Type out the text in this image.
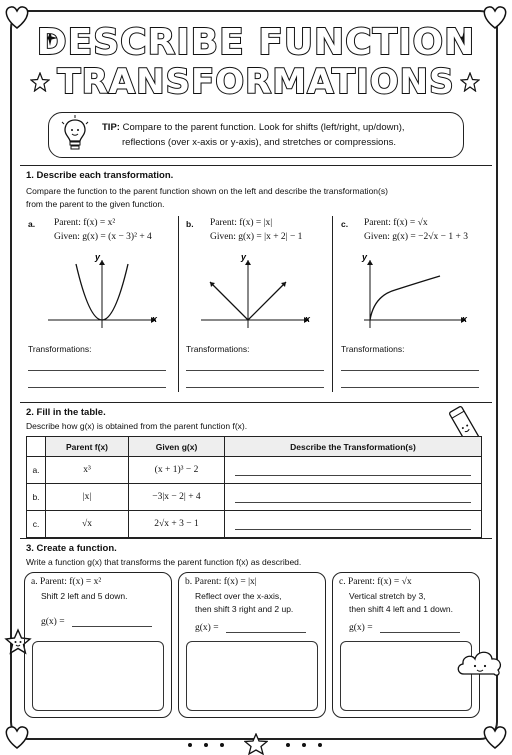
DESCRIBE FUNCTION
TRANSFORMATIONS
TIP: Compare to the parent function. Look for shifts (left/right, up/down),
reflections (over x-axis or y-axis), and stretches or compressions.
1. Describe each transformation.
Compare the function to the parent function shown on the left and describe the transformation(s)
from the parent to the given function.
a. Parent: f(x) = x²
Given: g(x) = (x − 3)² + 4
y
x
Transformations:
b. Parent: f(x) = |x|
Given: g(x) = |x + 2| − 1
y
x
Transformations:
c. Parent: f(x) = √x
Given: g(x) = −2√x − 1 + 3
y
x
Transformations:
2. Fill in the table.
Describe how g(x) is obtained from the parent function f(x).
	Parent f(x)	Given g(x)	Describe the Transformation(s)
a.	x³	(x + 1)³ − 2	

b.	|x|	−3|x − 2| + 4	

c.	√x	2√x + 3 − 1	
3. Create a function.
Write a function g(x) that transforms the parent function f(x) as described.
a. Parent: f(x) = x²
Shift 2 left and 5 down.
g(x) =
b. Parent: f(x) = |x|
Reflect over the x-axis,
then shift 3 right and 2 up.
g(x) =
c. Parent: f(x) = √x
Vertical stretch by 3,
then shift 4 left and 1 down.
g(x) =
